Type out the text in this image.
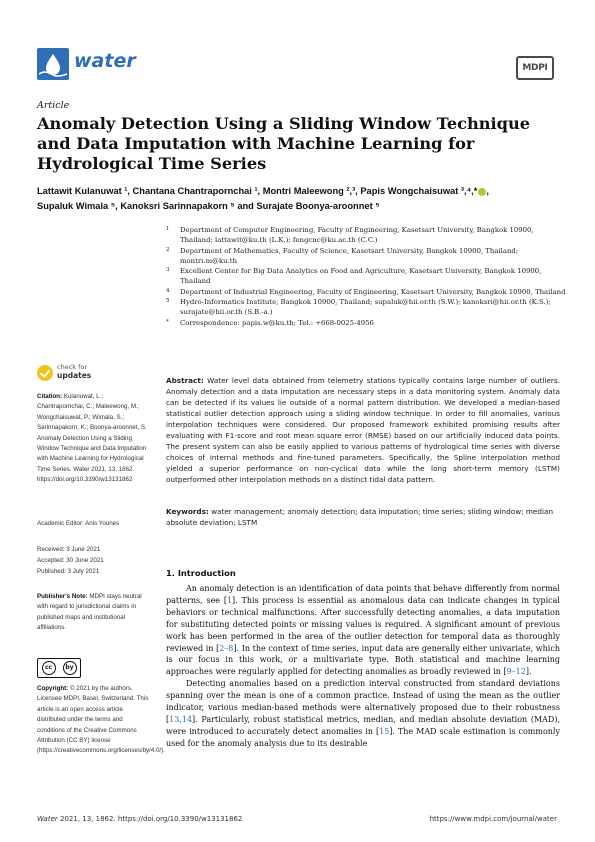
water	MDPI
Article
Anomaly Detection Using a Sliding Window Technique and Data Imputation with Machine Learning for Hydrological Time Series
Lattawit Kulanuwat ¹, Chantana Chantrapornchai ¹, Montri Maleewong ²,³, Papis Wongchaisuwat ³,⁴,* ,
Supaluk Wimala ⁵, Kanoksri Sarinnapakorn ⁵ and Surajate Boonya-aroonnet ⁵
1 Department of Computer Engineering, Faculty of Engineering, Kasetsart University, Bangkok 10900, Thailand; lattawit@ku.th (L.K.); fengcnc@ku.ac.th (C.C.)
2 Department of Mathematics, Faculty of Science, Kasetsart University, Bangkok 10900, Thailand; montri.m@ku.th
3 Excellent Center for Big Data Analytics on Food and Agriculture, Kasetsart University, Bangkok 10900, Thailand
4 Department of Industrial Engineering, Faculty of Engineering, Kasetsart University, Bangkok 10900, Thailand
5 Hydro-Informatics Institute, Bangkok 10900, Thailand; supaluk@hii.or.th (S.W.); kanoksri@hii.or.th (K.S.); surajate@hii.or.th (S.B.-a.)
* Correspondence: papis.w@ku.th; Tel.: +668-0025-4956
check for
updates
Citation: Kulanuwat, L.; Chantrapornchai, C.; Maleewong, M.; Wongchaisuwat, P.; Wimala, S.; Sarinnapakorn, K.; Boonya-aroonnet, S. Anomaly Detection Using a Sliding Window Technique and Data Imputation with Machine Learning for Hydrological Time Series. Water 2021, 13, 1862. https://doi.org/10.3390/w13131862
Academic Editor: Anis Younes
Received: 3 June 2021
Accepted: 30 June 2021
Published: 3 July 2021
Publisher's Note: MDPI stays neutral with regard to jurisdictional claims in published maps and institutional affiliations.
cc	by
Copyright: © 2021 by the authors. Licensee MDPI, Basel, Switzerland. This article is an open access article distributed under the terms and conditions of the Creative Commons Attribution (CC BY) license (https://creativecommons.org/licenses/by/4.0/).
Abstract: Water level data obtained from telemetry stations typically contains large number of outliers. Anomaly detection and a data imputation are necessary steps in a data monitoring system. Anomaly data can be detected if its values lie outside of a normal pattern distribution. We developed a median-based statistical outlier detection approach using a sliding window technique. In order to fill anomalies, various interpolation techniques were considered. Our proposed framework exhibited promising results after evaluating with F1-score and root mean square error (RMSE) based on our artificially induced data points. The present system can also be easily applied to various patterns of hydrological time series with diverse choices of internal methods and fine-tuned parameters. Specifically, the Spline interpolation method yielded a superior performance on non-cyclical data while the long short-term memory (LSTM) outperformed other interpolation methods on a distinct tidal data pattern.
Keywords: water management; anomaly detection; data imputation; time series; sliding window; median absolute deviation; LSTM
1. Introduction

An anomaly detection is an identification of data points that behave differently from normal patterns, see [1]. This process is essential as anomalous data can indicate changes in typical behaviors or technical malfunctions. After successfully detecting anomalies, a data imputation for substituting detected points or missing values is required. A significant amount of previous work has been performed in the area of the outlier detection for temporal data as thoroughly reviewed in [2–8]. In the context of time series, input data are generally either univariate, which is our focus in this work, or a multivariate type. Both statistical and machine learning approaches were regularly applied for detecting anomalies as broadly reviewed in [9–12].

Detecting anomalies based on a prediction interval constructed from standard deviations spanning over the mean is one of a common practice. Instead of using the mean as the outlier indicator, various median-based methods were alternatively proposed due to their robustness [13,14]. Particularly, robust statistical metrics, median, and median absolute deviation (MAD), were introduced to accurately detect anomalies in [15]. The MAD scale estimation is commonly used for the anomaly analysis due to its desirable

Water 2021, 13, 1862. https://doi.org/10.3390/w13131862	https://www.mdpi.com/journal/water
